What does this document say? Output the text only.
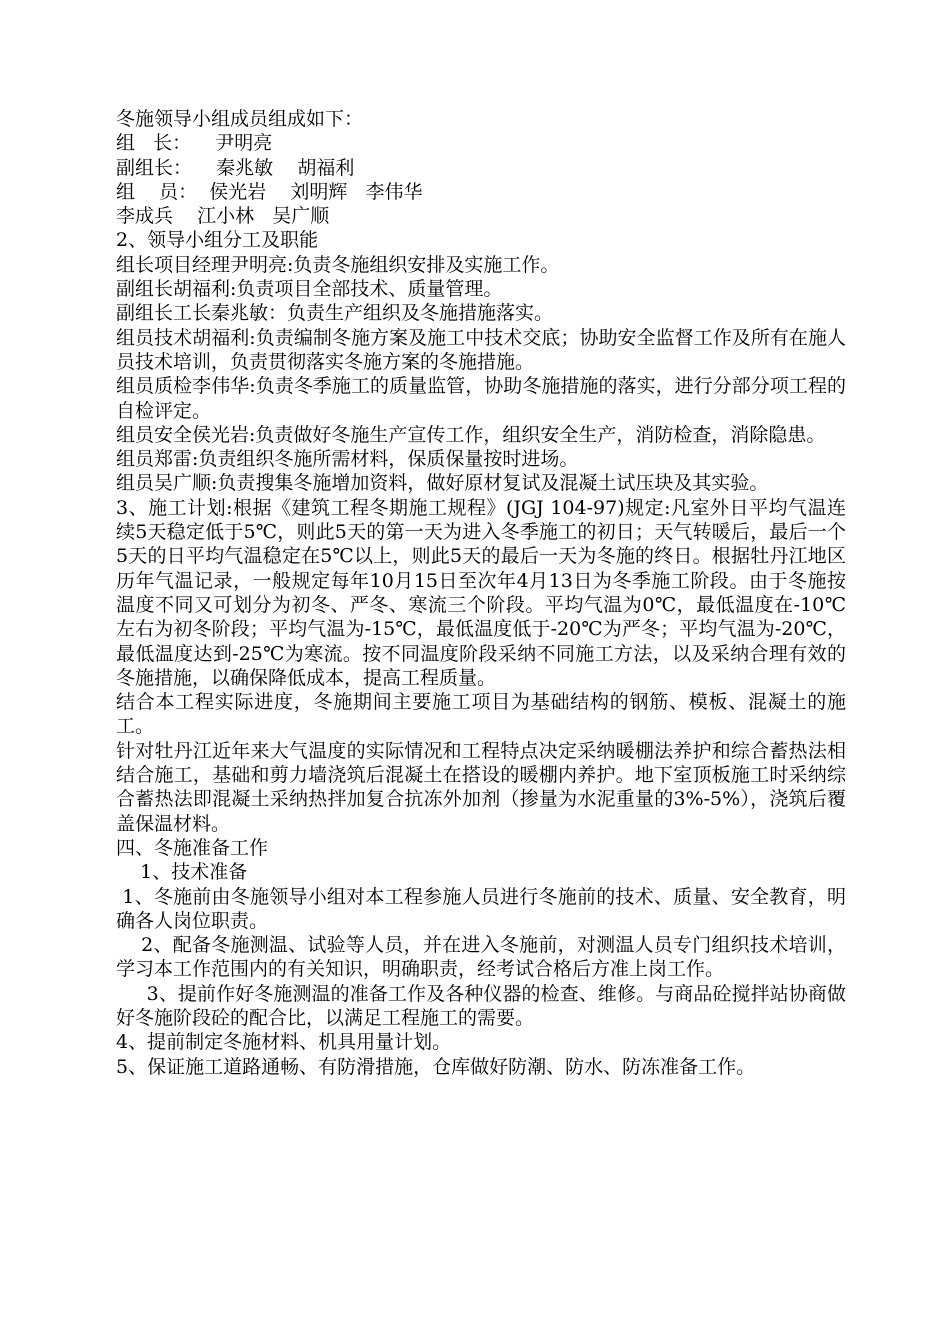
冬施领导小组成员组成如下：

组   长：    尹明亮

副组长：    秦兆敏    胡福利

组    员：  侯光岩    刘明辉   李伟华

李成兵    江小林   吴广顺

2、领导小组分工及职能

组长项目经理尹明亮:负责冬施组织安排及实施工作。

副组长胡福利:负责项目全部技术、质量管理。

副组长工长秦兆敏：负责生产组织及冬施措施落实。

组员技术胡福利:负责编制冬施方案及施工中技术交底；协助安全监督工作及所有在施人员技术培训，负责贯彻落实冬施方案的冬施措施。

组员质检李伟华:负责冬季施工的质量监管，协助冬施措施的落实，进行分部分项工程的自检评定。

组员安全侯光岩:负责做好冬施生产宣传工作，组织安全生产，消防检查，消除隐患。

组员郑雷:负责组织冬施所需材料，保质保量按时进场。

组员吴广顺:负责搜集冬施增加资料，做好原材复试及混凝土试压块及其实验。

3、施工计划:根据《建筑工程冬期施工规程》(JGJ 104-97)规定:凡室外日平均气温连续5天稳定低于5℃，则此5天的第一天为进入冬季施工的初日；天气转暖后，最后一个5天的日平均气温稳定在5℃以上，则此5天的最后一天为冬施的终日。根据牡丹江地区历年气温记录，一般规定每年10月15日至次年4月13日为冬季施工阶段。由于冬施按温度不同又可划分为初冬、严冬、寒流三个阶段。平均气温为0℃，最低温度在-10℃左右为初冬阶段；平均气温为-15℃，最低温度低于-20℃为严冬；平均气温为-20℃，最低温度达到-25℃为寒流。按不同温度阶段采纳不同施工方法，以及采纳合理有效的冬施措施，以确保降低成本，提高工程质量。

结合本工程实际进度，冬施期间主要施工项目为基础结构的钢筋、模板、混凝土的施工。

针对牡丹江近年来大气温度的实际情况和工程特点决定采纳暖棚法养护和综合蓄热法相结合施工，基础和剪力墙浇筑后混凝土在搭设的暖棚内养护。地下室顶板施工时采纳综合蓄热法即混凝土采纳热拌加复合抗冻外加剂（掺量为水泥重量的3%-5%），浇筑后覆盖保温材料。

四、冬施准备工作

1、技术准备

1、冬施前由冬施领导小组对本工程参施人员进行冬施前的技术、质量、安全教育，明确各人岗位职责。

2、配备冬施测温、试验等人员，并在进入冬施前，对测温人员专门组织技术培训，学习本工作范围内的有关知识，明确职责，经考试合格后方准上岗工作。

3、提前作好冬施测温的准备工作及各种仪器的检查、维修。与商品砼搅拌站协商做好冬施阶段砼的配合比，以满足工程施工的需要。

4、提前制定冬施材料、机具用量计划。

5、保证施工道路通畅、有防滑措施，仓库做好防潮、防水、防冻准备工作。
